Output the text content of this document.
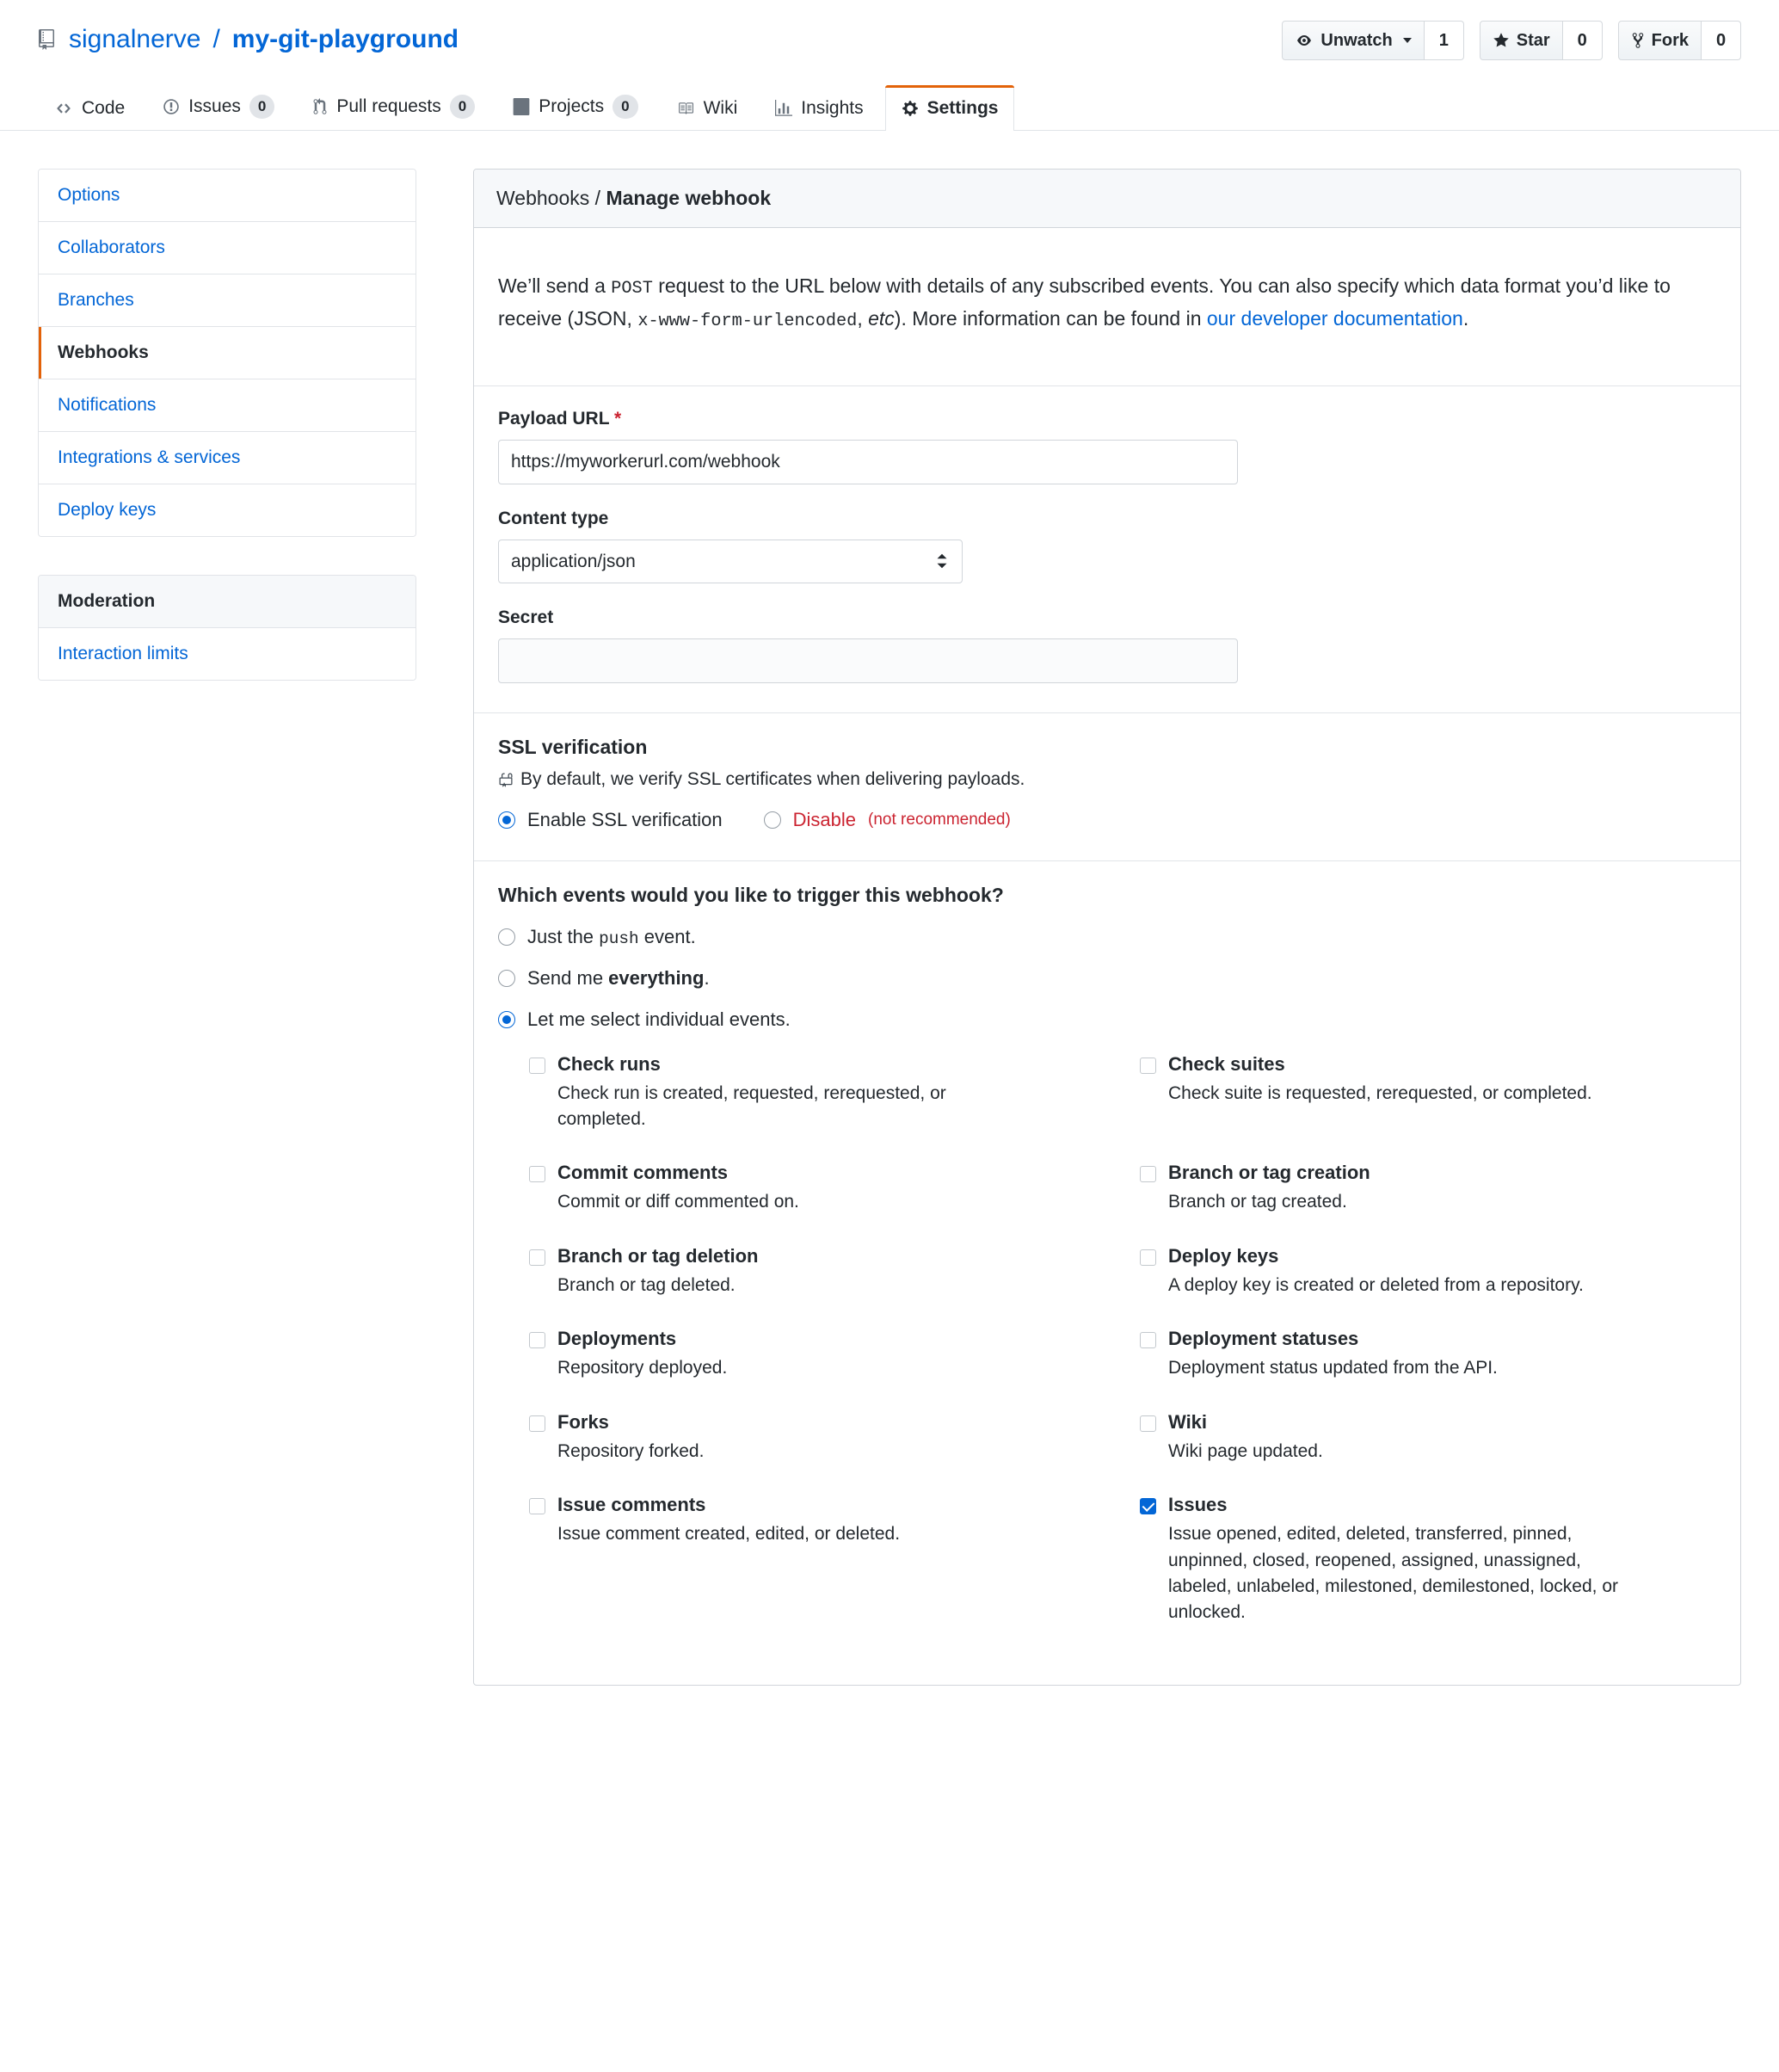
signalnerve / my-git-playground	Unwatch	1	Star	0	Fork	0
Code	Issues	0	Pull requests	0	Projects	0	Wiki	Insights	Settings
Options
Collaborators
Branches
Webhooks
Notifications
Integrations & services
Deploy keys
Moderation
Interaction limits
Webhooks / Manage webhook

We’ll send a POST request to the URL below with details of any subscribed events. You can also specify which data format you’d like to receive (JSON, x-www-form-urlencoded, etc). More information can be found in our developer documentation.

Payload URL *
https://myworkerurl.com/webhook
Content type
application/json
Secret
SSL verification
By default, we verify SSL certificates when delivering payloads.
Enable SSL verification	Disable (not recommended)
Which events would you like to trigger this webhook?
Just the push event.
Send me everything.
Let me select individual events.
Check runs
Check run is created, requested, rerequested, or completed.
Check suites
Check suite is requested, rerequested, or completed.
Commit comments
Commit or diff commented on.
Branch or tag creation
Branch or tag created.
Branch or tag deletion
Branch or tag deleted.
Deploy keys
A deploy key is created or deleted from a repository.
Deployments
Repository deployed.
Deployment statuses
Deployment status updated from the API.
Forks
Repository forked.
Wiki
Wiki page updated.
Issue comments
Issue comment created, edited, or deleted.
Issues
Issue opened, edited, deleted, transferred, pinned, unpinned, closed, reopened, assigned, unassigned, labeled, unlabeled, milestoned, demilestoned, locked, or unlocked.
